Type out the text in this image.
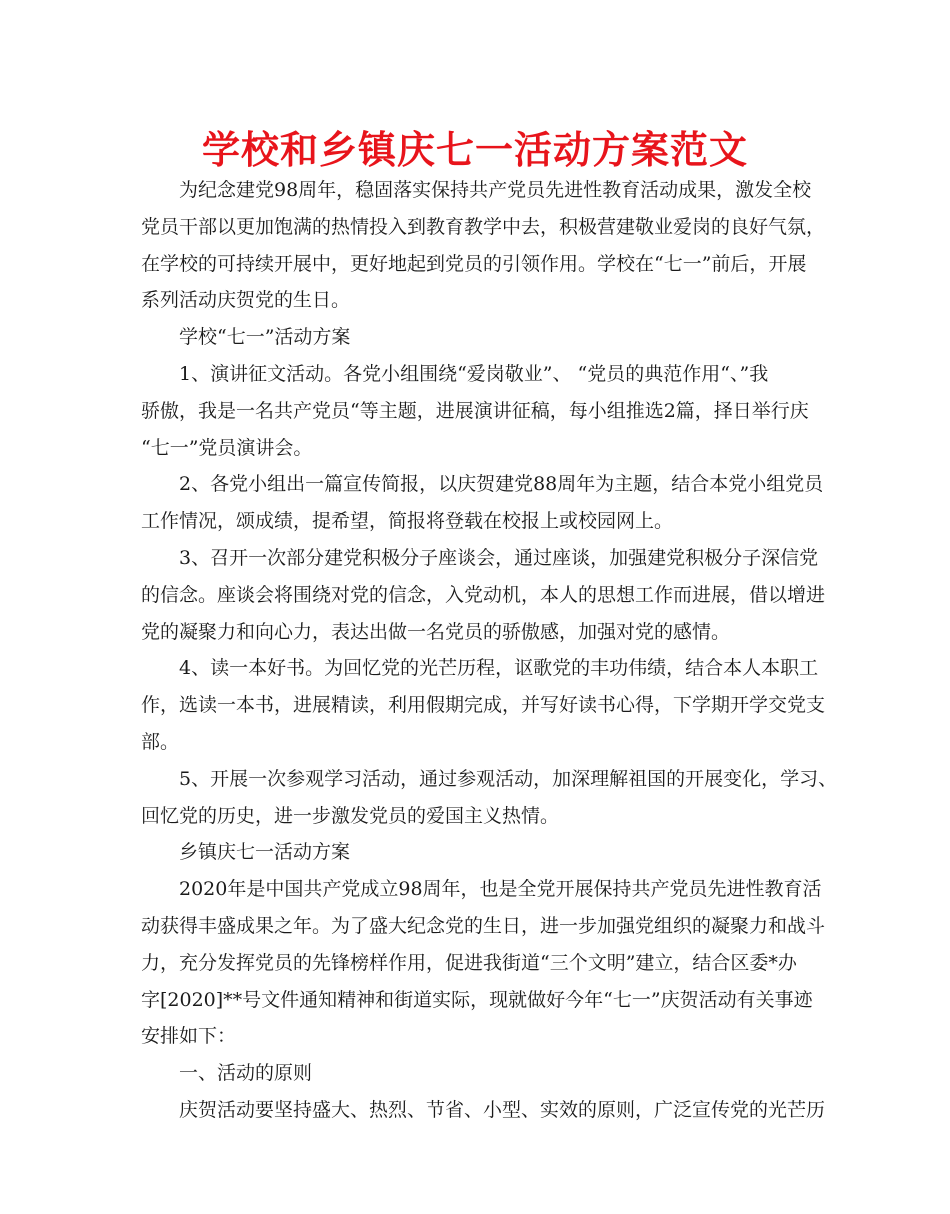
学校和乡镇庆七一活动方案范文
为纪念建党98周年，稳固落实保持共产党员先进性教育活动成果，激发全校
党员干部以更加饱满的热情投入到教育教学中去，积极营建敬业爱岗的良好气氛，
在学校的可持续开展中，更好地起到党员的引领作用。学校在“七一”前后，开展
系列活动庆贺党的生日。
学校“七一”活动方案
1、演讲征文活动。各党小组围绕“爱岗敬业”、 “党员的典范作用“、”我
骄傲，我是一名共产党员“等主题，进展演讲征稿，每小组推选2篇，择日举行庆
“七一”党员演讲会。
2、各党小组出一篇宣传简报，以庆贺建党88周年为主题，结合本党小组党员
工作情况，颂成绩，提希望，简报将登载在校报上或校园网上。
3、召开一次部分建党积极分子座谈会，通过座谈，加强建党积极分子深信党
的信念。座谈会将围绕对党的信念，入党动机，本人的思想工作而进展，借以增进
党的凝聚力和向心力，表达出做一名党员的骄傲感，加强对党的感情。
4、读一本好书。为回忆党的光芒历程，讴歌党的丰功伟绩，结合本人本职工
作，选读一本书，进展精读，利用假期完成，并写好读书心得，下学期开学交党支
部。
5、开展一次参观学习活动，通过参观活动，加深理解祖国的开展变化，学习、
回忆党的历史，进一步激发党员的爱国主义热情。
乡镇庆七一活动方案
2020年是中国共产党成立98周年，也是全党开展保持共产党员先进性教育活
动获得丰盛成果之年。为了盛大纪念党的生日，进一步加强党组织的凝聚力和战斗
力，充分发挥党员的先锋榜样作用，促进我街道“三个文明”建立，结合区委*办
字[2020]**号文件通知精神和街道实际，现就做好今年“七一”庆贺活动有关事迹
安排如下：
一、活动的原则
庆贺活动要坚持盛大、热烈、节省、小型、实效的原则，广泛宣传党的光芒历
